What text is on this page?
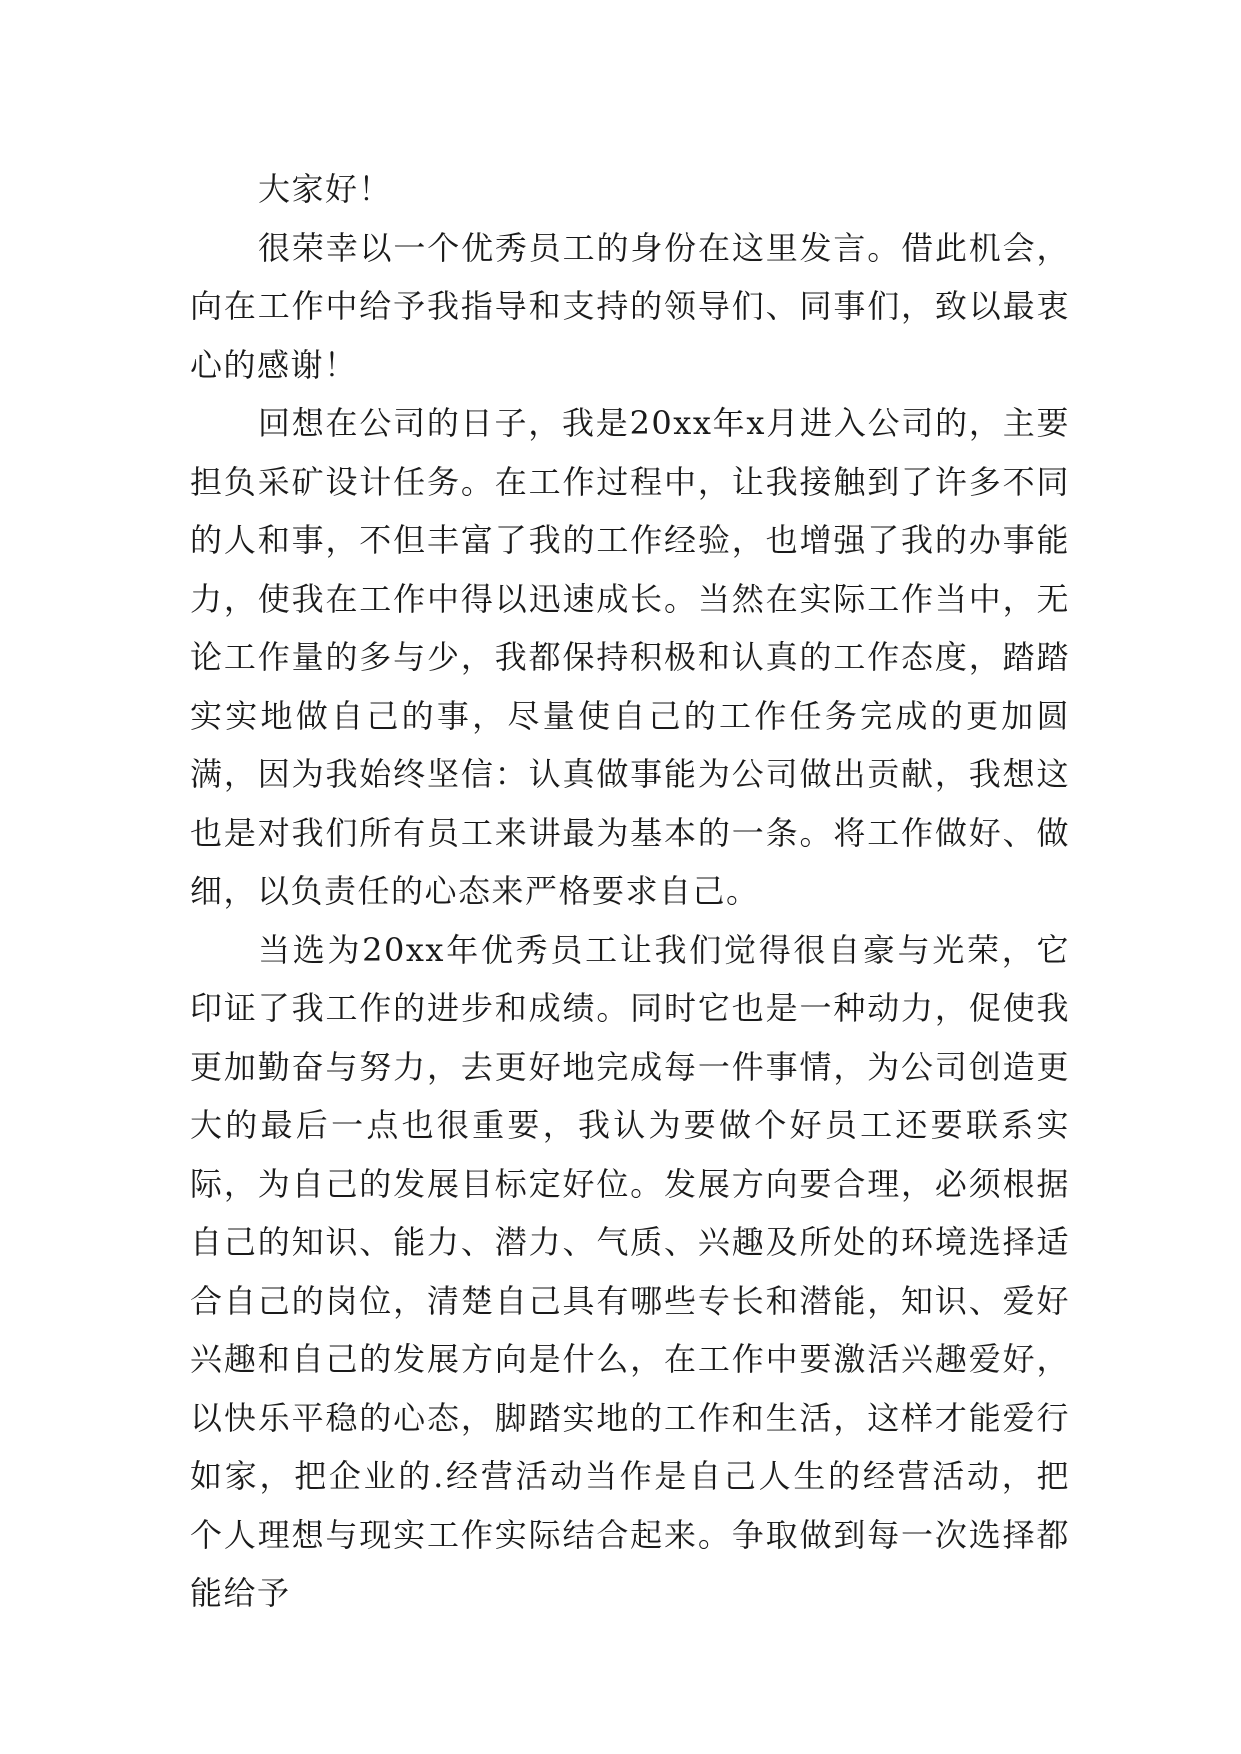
大家好！

很荣幸以一个优秀员工的身份在这里发言。借此机会，向在工作中给予我指导和支持的领导们、同事们，致以最衷心的感谢！

回想在公司的日子，我是20xx年x月进入公司的，主要担负采矿设计任务。在工作过程中，让我接触到了许多不同的人和事，不但丰富了我的工作经验，也增强了我的办事能力，使我在工作中得以迅速成长。当然在实际工作当中，无论工作量的多与少，我都保持积极和认真的工作态度，踏踏实实地做自己的事，尽量使自己的工作任务完成的更加圆满，因为我始终坚信：认真做事能为公司做出贡献，我想这也是对我们所有员工来讲最为基本的一条。将工作做好、做细，以负责任的心态来严格要求自己。

当选为20xx年优秀员工让我们觉得很自豪与光荣，它印证了我工作的进步和成绩。同时它也是一种动力，促使我更加勤奋与努力，去更好地完成每一件事情，为公司创造更大的最后一点也很重要，我认为要做个好员工还要联系实际，为自己的发展目标定好位。发展方向要合理，必须根据自己的知识、能力、潜力、气质、兴趣及所处的环境选择适合自己的岗位，清楚自己具有哪些专长和潜能，知识、爱好兴趣和自己的发展方向是什么，在工作中要激活兴趣爱好，以快乐平稳的心态，脚踏实地的工作和生活，这样才能爱行如家，把企业的.经营活动当作是自己人生的经营活动，把个人理想与现实工作实际结合起来。争取做到每一次选择都能给予
